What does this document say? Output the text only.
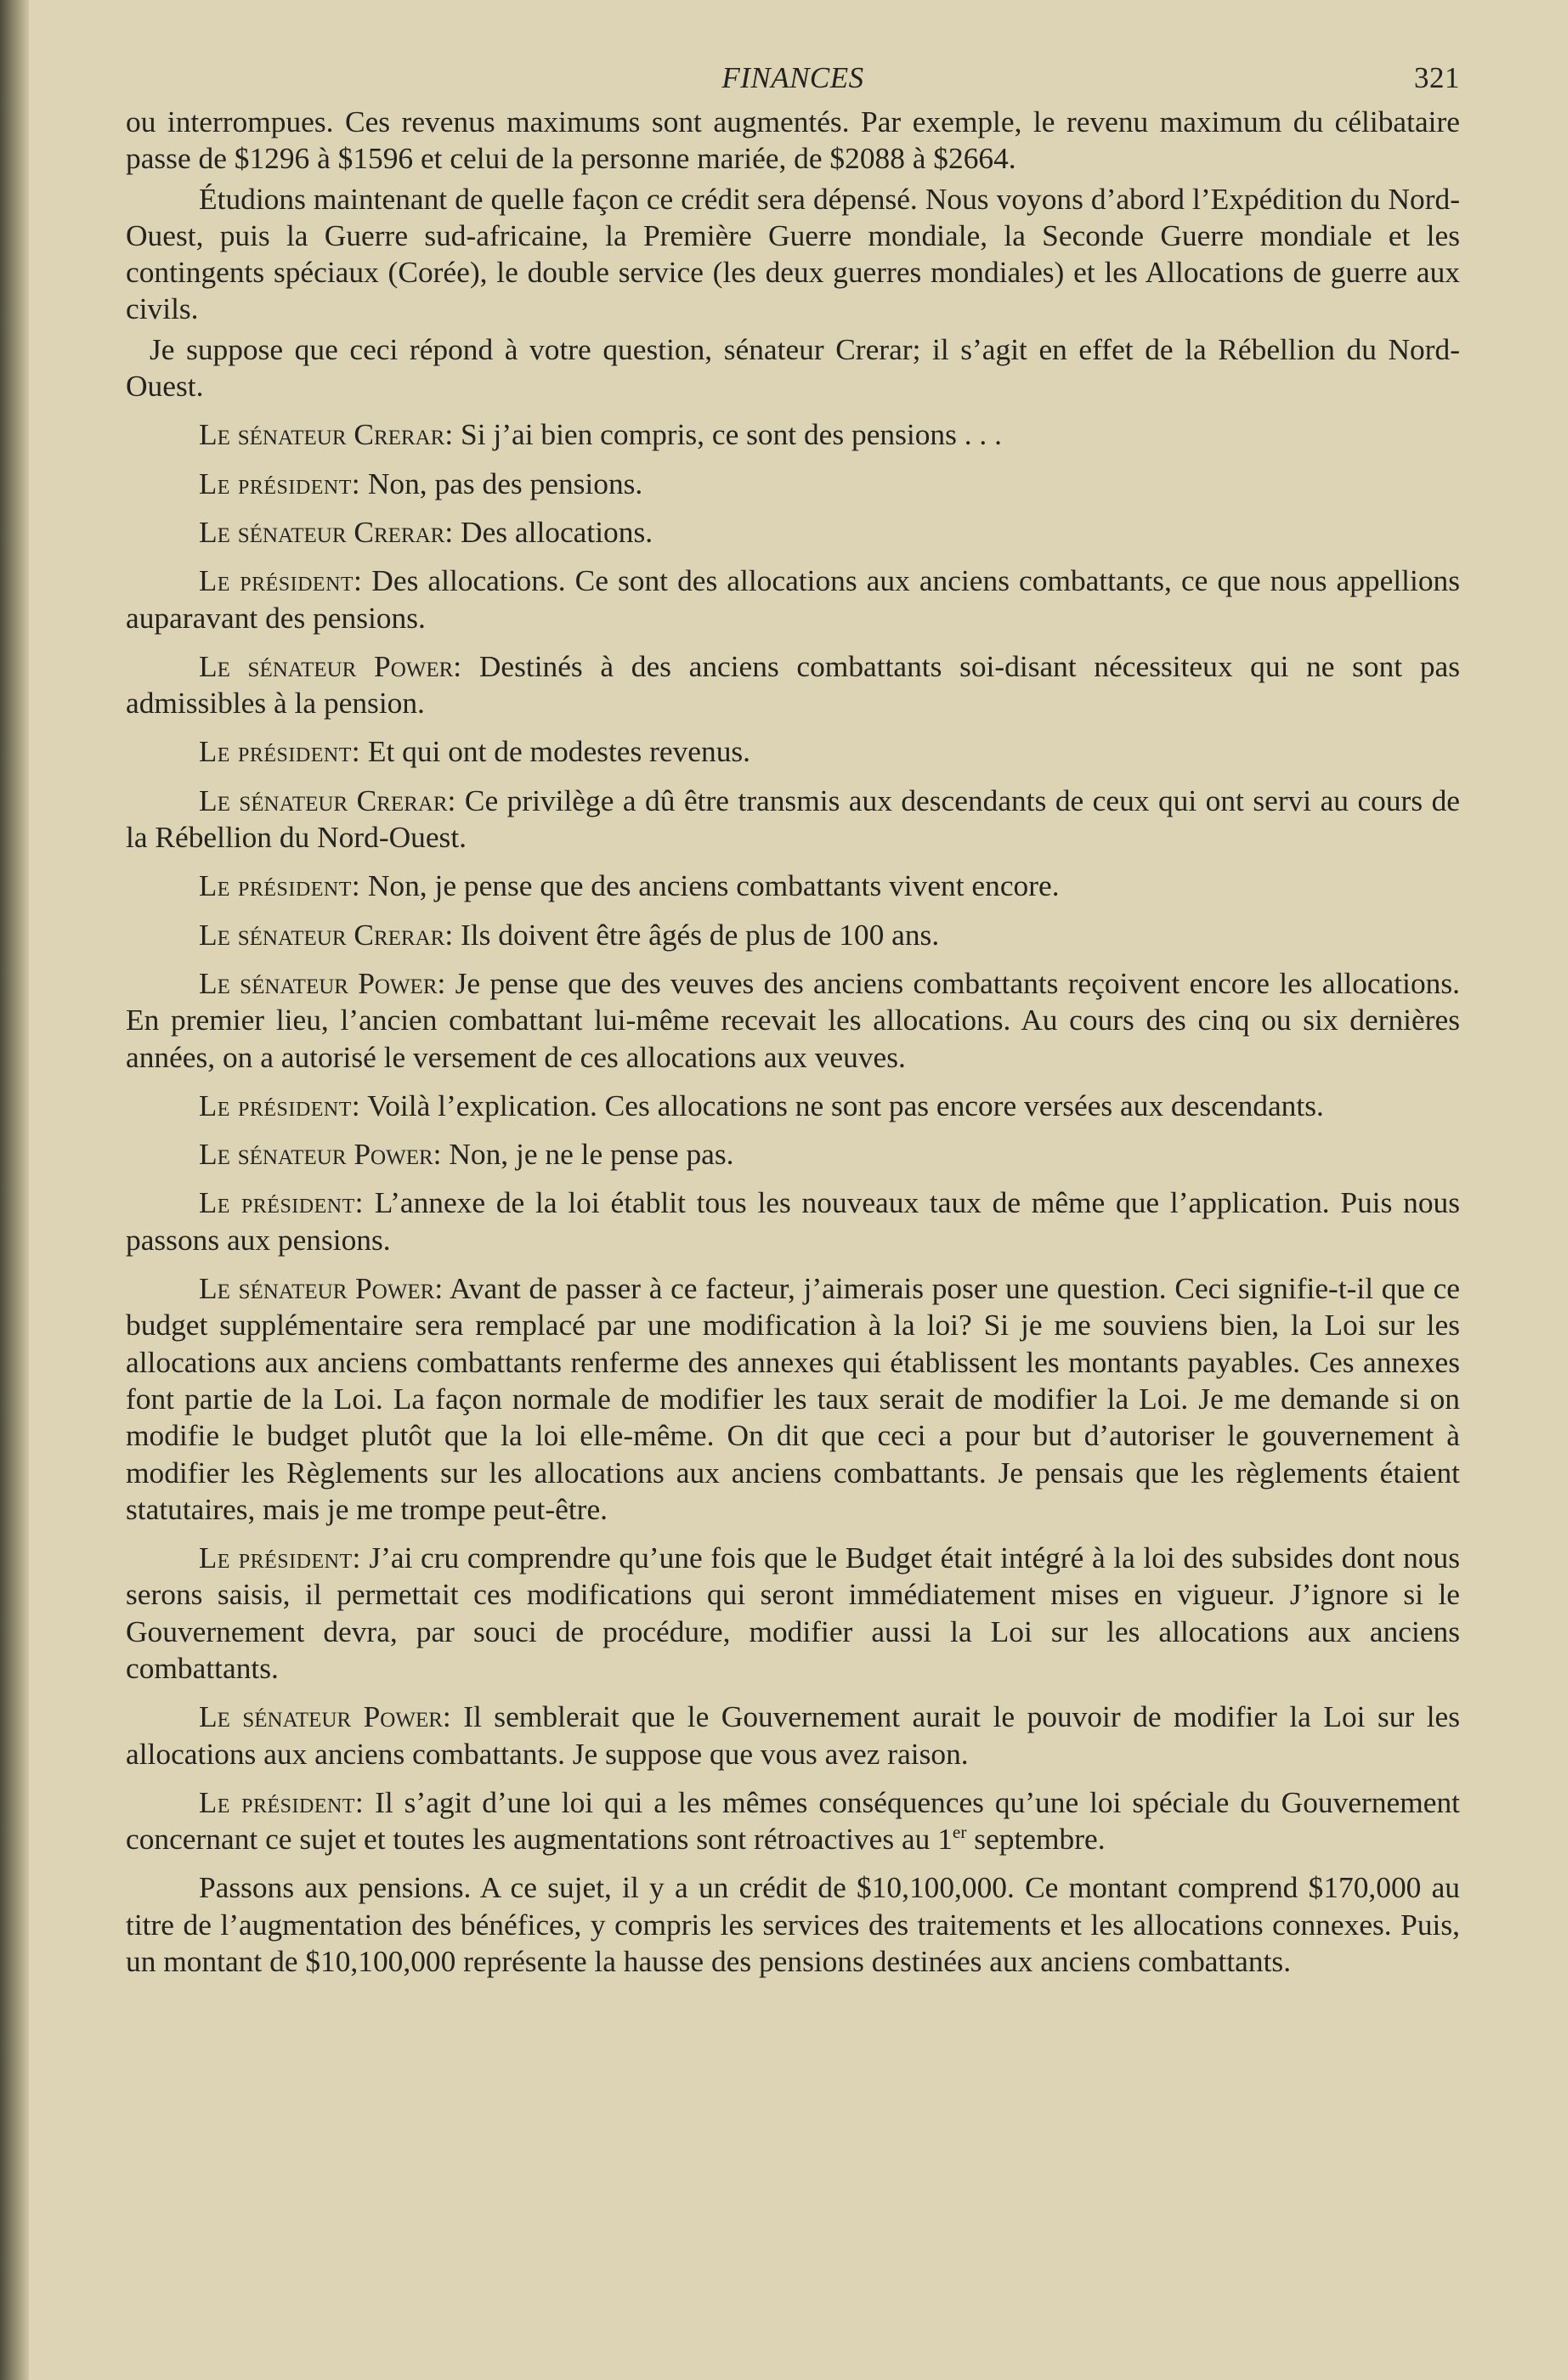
FINANCES	321

ou interrompues. Ces revenus maximums sont augmentés. Par exemple, le revenu maximum du célibataire passe de $1296 à $1596 et celui de la personne mariée, de $2088 à $2664.

Étudions maintenant de quelle façon ce crédit sera dépensé. Nous voyons d’abord l’Expédition du Nord-Ouest, puis la Guerre sud-africaine, la Première Guerre mondiale, la Seconde Guerre mondiale et les contingents spéciaux (Corée), le double service (les deux guerres mondiales) et les Allocations de guerre aux civils.

Je suppose que ceci répond à votre question, sénateur Crerar; il s’agit en effet de la Rébellion du Nord-Ouest.

Le sénateur Crerar: Si j’ai bien compris, ce sont des pensions . . .

Le président: Non, pas des pensions.

Le sénateur Crerar: Des allocations.

Le président: Des allocations. Ce sont des allocations aux anciens combattants, ce que nous appellions auparavant des pensions.

Le sénateur Power: Destinés à des anciens combattants soi-disant nécessiteux qui ne sont pas admissibles à la pension.

Le président: Et qui ont de modestes revenus.

Le sénateur Crerar: Ce privilège a dû être transmis aux descendants de ceux qui ont servi au cours de la Rébellion du Nord-Ouest.

Le président: Non, je pense que des anciens combattants vivent encore.

Le sénateur Crerar: Ils doivent être âgés de plus de 100 ans.

Le sénateur Power: Je pense que des veuves des anciens combattants reçoivent encore les allocations. En premier lieu, l’ancien combattant lui-même recevait les allocations. Au cours des cinq ou six dernières années, on a autorisé le versement de ces allocations aux veuves.

Le président: Voilà l’explication. Ces allocations ne sont pas encore versées aux descendants.

Le sénateur Power: Non, je ne le pense pas.

Le président: L’annexe de la loi établit tous les nouveaux taux de même que l’application. Puis nous passons aux pensions.

Le sénateur Power: Avant de passer à ce facteur, j’aimerais poser une question. Ceci signifie-t-il que ce budget supplémentaire sera remplacé par une modification à la loi? Si je me souviens bien, la Loi sur les allocations aux anciens combattants renferme des annexes qui établissent les montants payables. Ces annexes font partie de la Loi. La façon normale de modifier les taux serait de modifier la Loi. Je me demande si on modifie le budget plutôt que la loi elle-même. On dit que ceci a pour but d’autoriser le gouvernement à modifier les Règlements sur les allocations aux anciens combattants. Je pensais que les règlements étaient statutaires, mais je me trompe peut-être.

Le président: J’ai cru comprendre qu’une fois que le Budget était intégré à la loi des subsides dont nous serons saisis, il permettait ces modifications qui seront immédiatement mises en vigueur. J’ignore si le Gouvernement devra, par souci de procédure, modifier aussi la Loi sur les allocations aux anciens combattants.

Le sénateur Power: Il semblerait que le Gouvernement aurait le pouvoir de modifier la Loi sur les allocations aux anciens combattants. Je suppose que vous avez raison.

Le président: Il s’agit d’une loi qui a les mêmes conséquences qu’une loi spéciale du Gouvernement concernant ce sujet et toutes les augmentations sont rétroactives au 1er septembre.

Passons aux pensions. A ce sujet, il y a un crédit de $10,100,000. Ce montant comprend $170,000 au titre de l’augmentation des bénéfices, y compris les services des traitements et les allocations connexes. Puis, un montant de $10,100,000 représente la hausse des pensions destinées aux anciens combattants.
